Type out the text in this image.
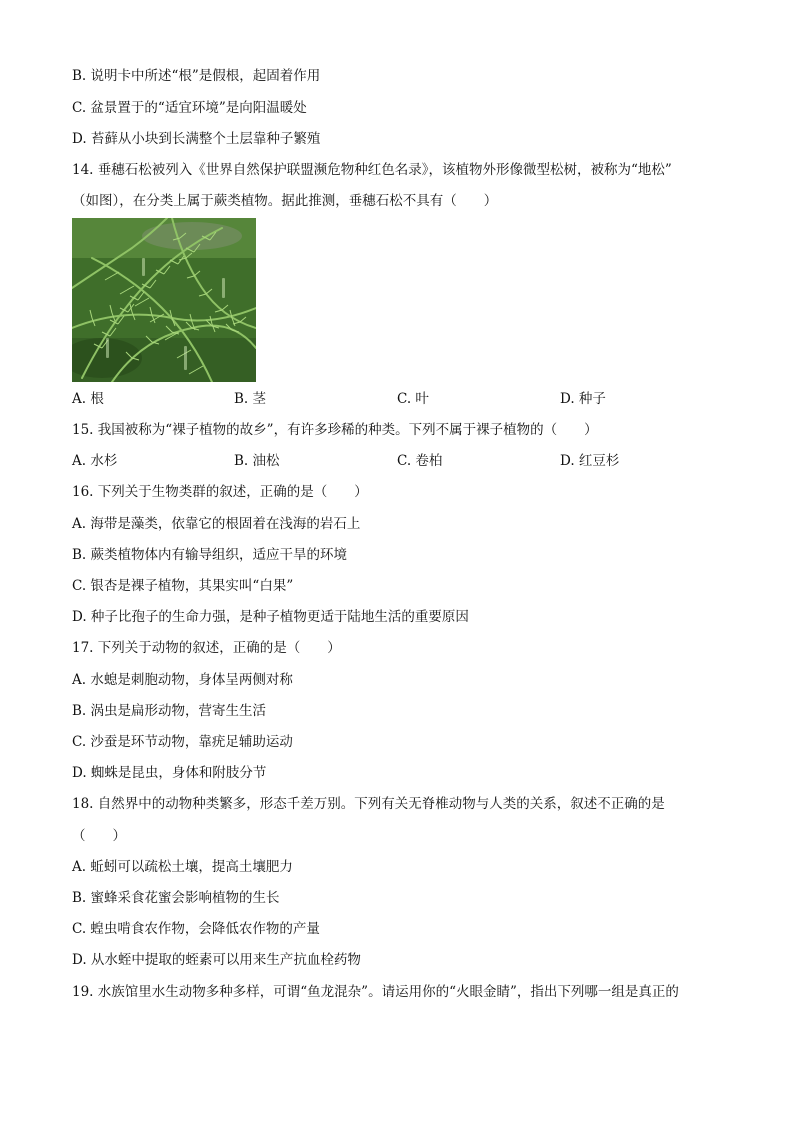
B. 说明卡中所述“根”是假根，起固着作用
C. 盆景置于的“适宜环境”是向阳温暖处
D. 苔藓从小块到长满整个土层靠种子繁殖
14. 垂穗石松被列入《世界自然保护联盟濒危物种红色名录》，该植物外形像微型松树，被称为“地松”
（如图），在分类上属于蕨类植物。据此推测，垂穗石松不具有（　　）
A. 根	B. 茎	C. 叶	D. 种子
15. 我国被称为“裸子植物的故乡”，有许多珍稀的种类。下列不属于裸子植物的（　　）
A. 水杉	B. 油松	C. 卷柏	D. 红豆杉
16. 下列关于生物类群的叙述，正确的是（　　）
A. 海带是藻类，依靠它的根固着在浅海的岩石上
B. 蕨类植物体内有输导组织，适应干旱的环境
C. 银杏是裸子植物，其果实叫“白果”
D. 种子比孢子的生命力强，是种子植物更适于陆地生活的重要原因
17. 下列关于动物的叙述，正确的是（　　）
A. 水螅是刺胞动物，身体呈两侧对称
B. 涡虫是扁形动物，营寄生生活
C. 沙蚕是环节动物，靠疣足辅助运动
D. 蜘蛛是昆虫，身体和附肢分节
18. 自然界中的动物种类繁多，形态千差万别。下列有关无脊椎动物与人类的关系，叙述不正确的是
（　　）
A. 蚯蚓可以疏松土壤，提高土壤肥力
B. 蜜蜂采食花蜜会影响植物的生长
C. 蝗虫啃食农作物，会降低农作物的产量
D. 从水蛭中提取的蛭素可以用来生产抗血栓药物
19. 水族馆里水生动物多种多样，可谓“鱼龙混杂”。请运用你的“火眼金睛”，指出下列哪一组是真正的
